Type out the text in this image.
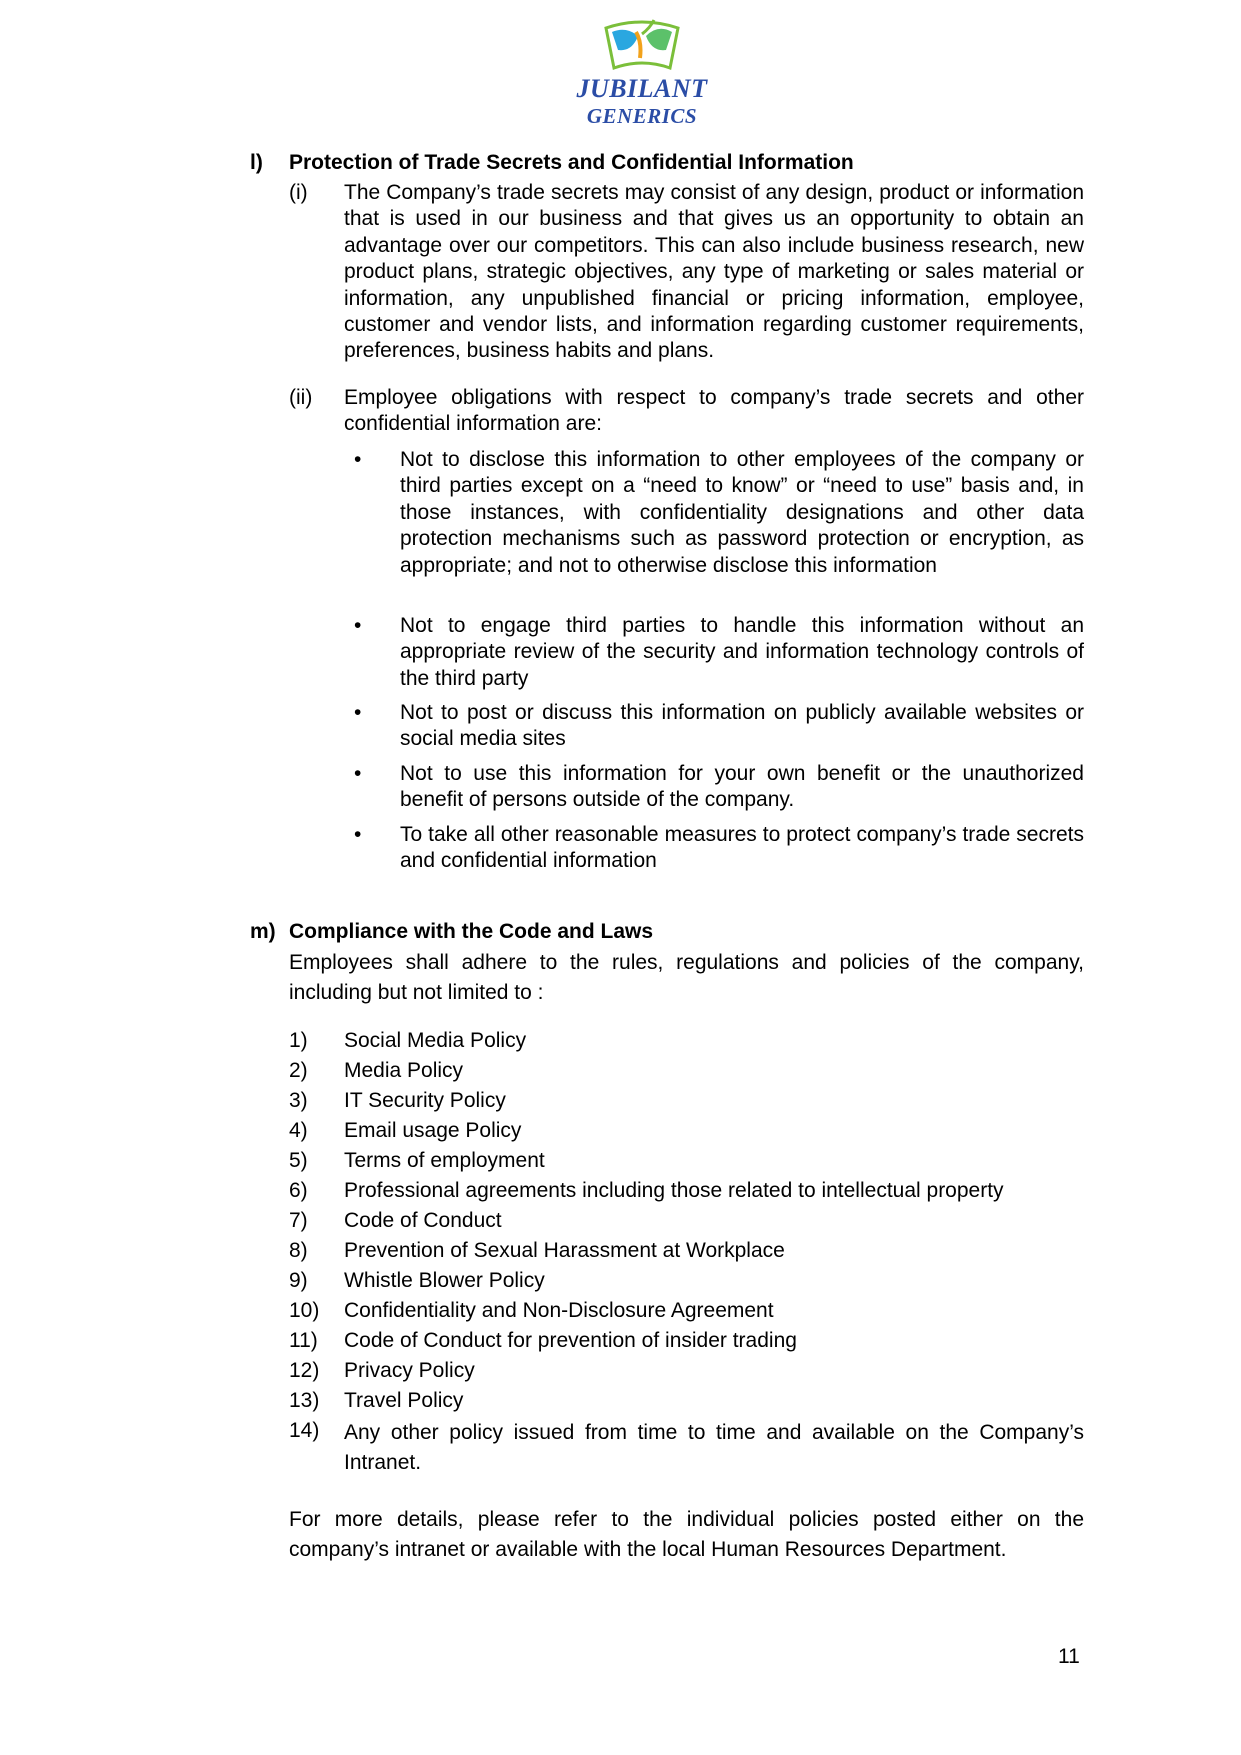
JUBILANT
GENERICS
l) Protection of Trade Secrets and Confidential Information
(i) The Company’s trade secrets may consist of any design, product or information that is used in our business and that gives us an opportunity to obtain an advantage over our competitors. This can also include business research, new product plans, strategic objectives, any type of marketing or sales material or information, any unpublished financial or pricing information, employee, customer and vendor lists, and information regarding customer requirements, preferences, business habits and plans.
(ii) Employee obligations with respect to company’s trade secrets and other confidential information are:
• Not to disclose this information to other employees of the company or third parties except on a “need to know” or “need to use” basis and, in those instances, with confidentiality designations and other data protection mechanisms such as password protection or encryption, as appropriate; and not to otherwise disclose this information
• Not to engage third parties to handle this information without an appropriate review of the security and information technology controls of the third party
• Not to post or discuss this information on publicly available websites or social media sites
• Not to use this information for your own benefit or the unauthorized benefit of persons outside of the company.
• To take all other reasonable measures to protect company’s trade secrets and confidential information
m) Compliance with the Code and Laws
Employees shall adhere to the rules, regulations and policies of the company, including but not limited to :
1) Social Media Policy
2) Media Policy
3) IT Security Policy
4) Email usage Policy
5) Terms of employment
6) Professional agreements including those related to intellectual property
7) Code of Conduct
8) Prevention of Sexual Harassment at Workplace
9) Whistle Blower Policy
10) Confidentiality and Non-Disclosure Agreement
11) Code of Conduct for prevention of insider trading
12) Privacy Policy
13) Travel Policy
14) Any other policy issued from time to time and available on the Company’s Intranet.
For more details, please refer to the individual policies posted either on the company’s intranet or available with the local Human Resources Department.
11
